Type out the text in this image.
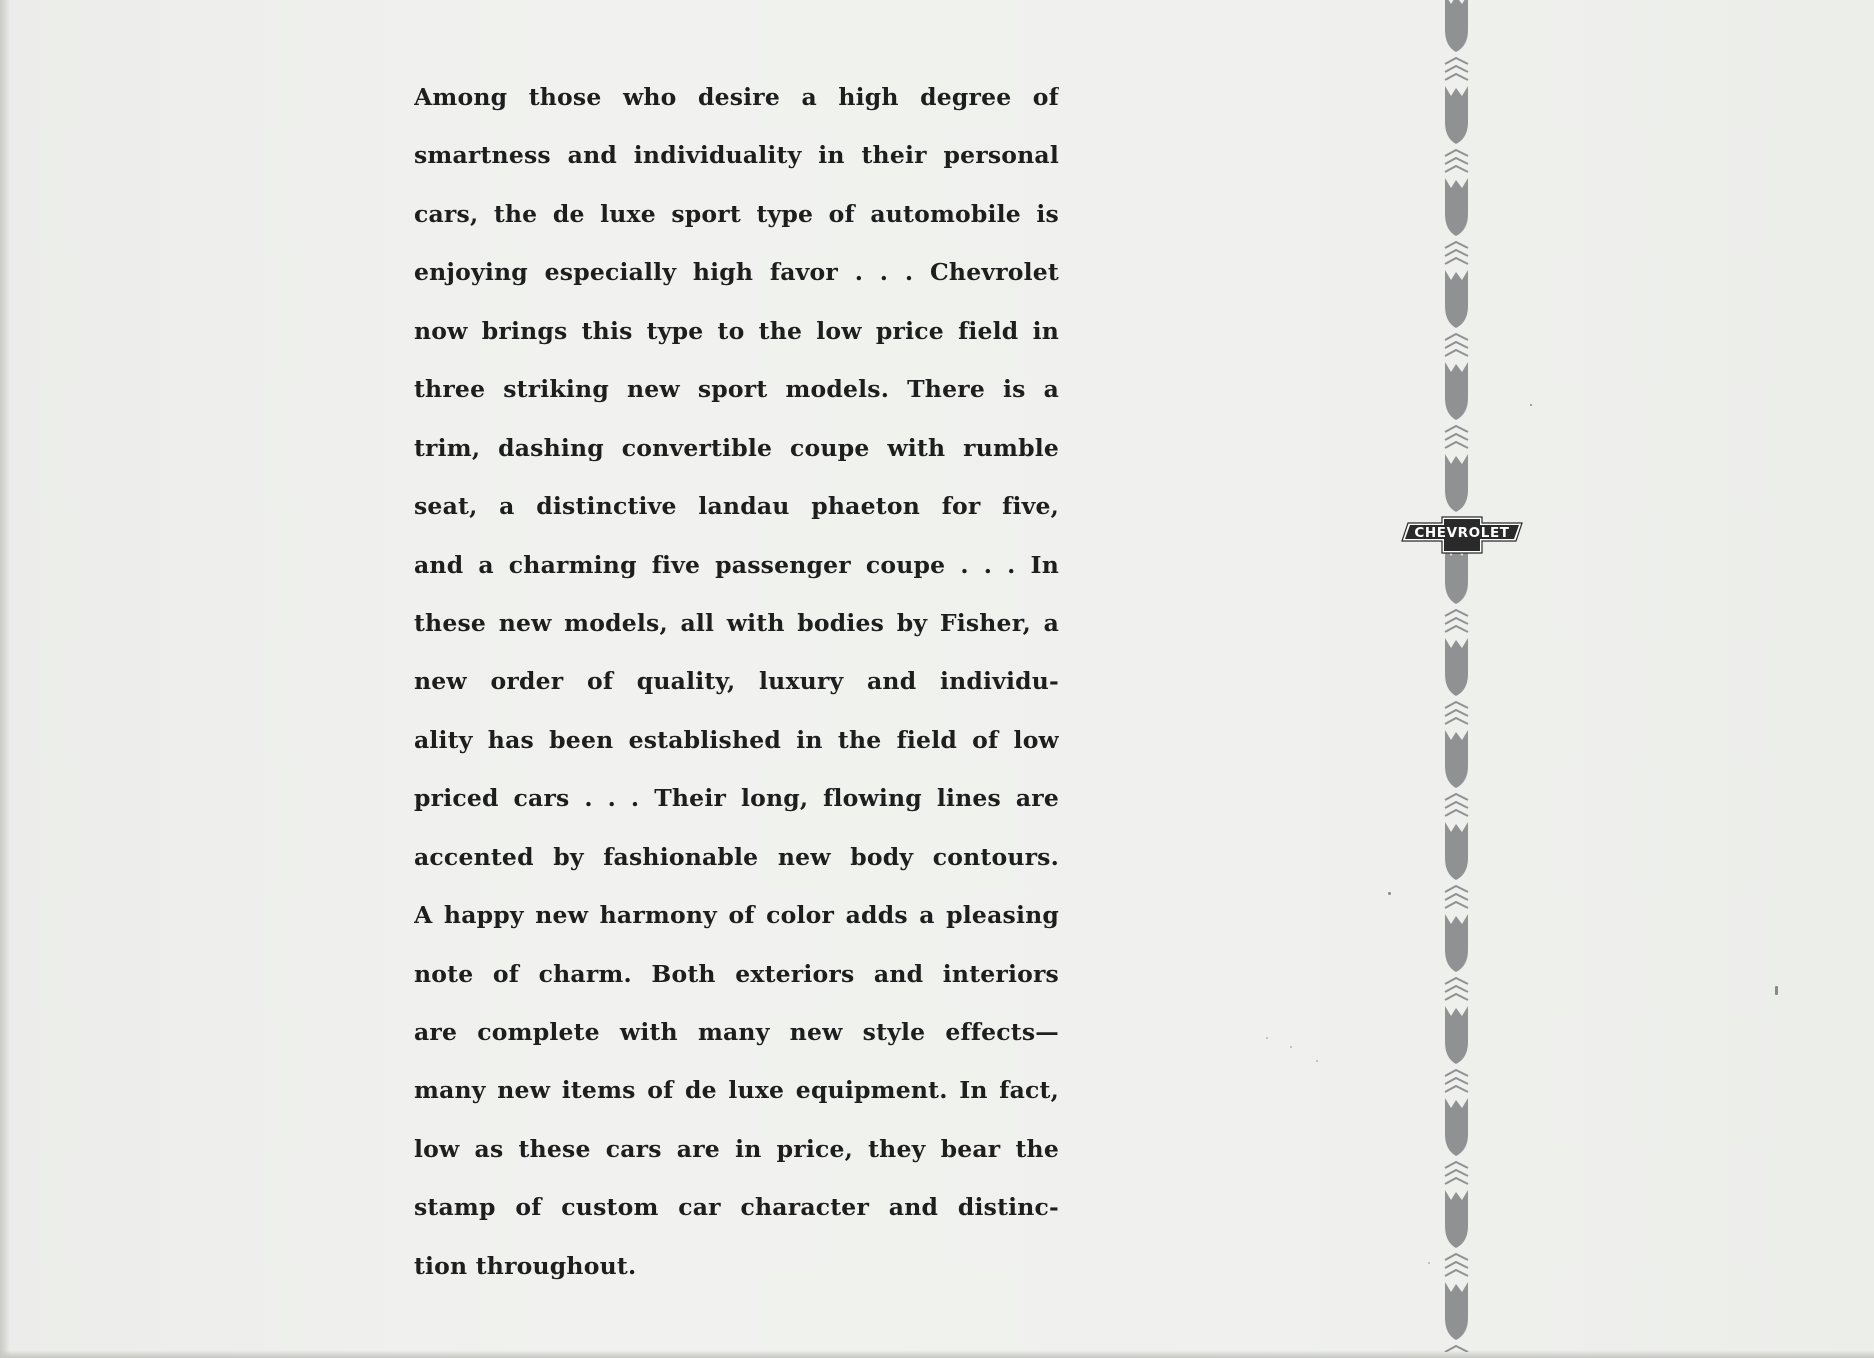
Among those who desire a high degree of
smartness and individuality in their personal
cars, the de luxe sport type of automobile is
enjoying especially high favor . . . Chevrolet
now brings this type to the low price field in
three striking new sport models. There is a
trim, dashing convertible coupe with rumble
seat, a distinctive landau phaeton for five,
and a charming five passenger coupe . . . In
these new models, all with bodies by Fisher, a
new order of quality, luxury and individu-
ality has been established in the field of low
priced cars . . . Their long, flowing lines are
accented by fashionable new body contours.
A happy new harmony of color adds a pleasing
note of charm. Both exteriors and interiors
are complete with many new style effects—
many new items of de luxe equipment. In fact,
low as these cars are in price, they bear the
stamp of custom car character and distinc-
tion throughout.
CHEVROLET
